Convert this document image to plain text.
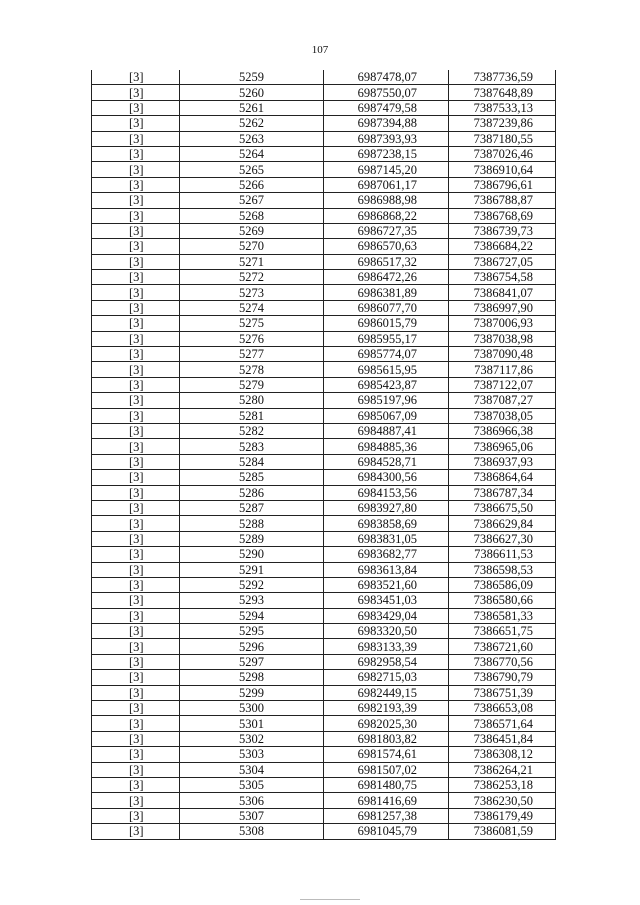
107
[3]	5259	6987478,07	7387736,59
[3]	5260	6987550,07	7387648,89
[3]	5261	6987479,58	7387533,13
[3]	5262	6987394,88	7387239,86
[3]	5263	6987393,93	7387180,55
[3]	5264	6987238,15	7387026,46
[3]	5265	6987145,20	7386910,64
[3]	5266	6987061,17	7386796,61
[3]	5267	6986988,98	7386788,87
[3]	5268	6986868,22	7386768,69
[3]	5269	6986727,35	7386739,73
[3]	5270	6986570,63	7386684,22
[3]	5271	6986517,32	7386727,05
[3]	5272	6986472,26	7386754,58
[3]	5273	6986381,89	7386841,07
[3]	5274	6986077,70	7386997,90
[3]	5275	6986015,79	7387006,93
[3]	5276	6985955,17	7387038,98
[3]	5277	6985774,07	7387090,48
[3]	5278	6985615,95	7387117,86
[3]	5279	6985423,87	7387122,07
[3]	5280	6985197,96	7387087,27
[3]	5281	6985067,09	7387038,05
[3]	5282	6984887,41	7386966,38
[3]	5283	6984885,36	7386965,06
[3]	5284	6984528,71	7386937,93
[3]	5285	6984300,56	7386864,64
[3]	5286	6984153,56	7386787,34
[3]	5287	6983927,80	7386675,50
[3]	5288	6983858,69	7386629,84
[3]	5289	6983831,05	7386627,30
[3]	5290	6983682,77	7386611,53
[3]	5291	6983613,84	7386598,53
[3]	5292	6983521,60	7386586,09
[3]	5293	6983451,03	7386580,66
[3]	5294	6983429,04	7386581,33
[3]	5295	6983320,50	7386651,75
[3]	5296	6983133,39	7386721,60
[3]	5297	6982958,54	7386770,56
[3]	5298	6982715,03	7386790,79
[3]	5299	6982449,15	7386751,39
[3]	5300	6982193,39	7386653,08
[3]	5301	6982025,30	7386571,64
[3]	5302	6981803,82	7386451,84
[3]	5303	6981574,61	7386308,12
[3]	5304	6981507,02	7386264,21
[3]	5305	6981480,75	7386253,18
[3]	5306	6981416,69	7386230,50
[3]	5307	6981257,38	7386179,49
[3]	5308	6981045,79	7386081,59
